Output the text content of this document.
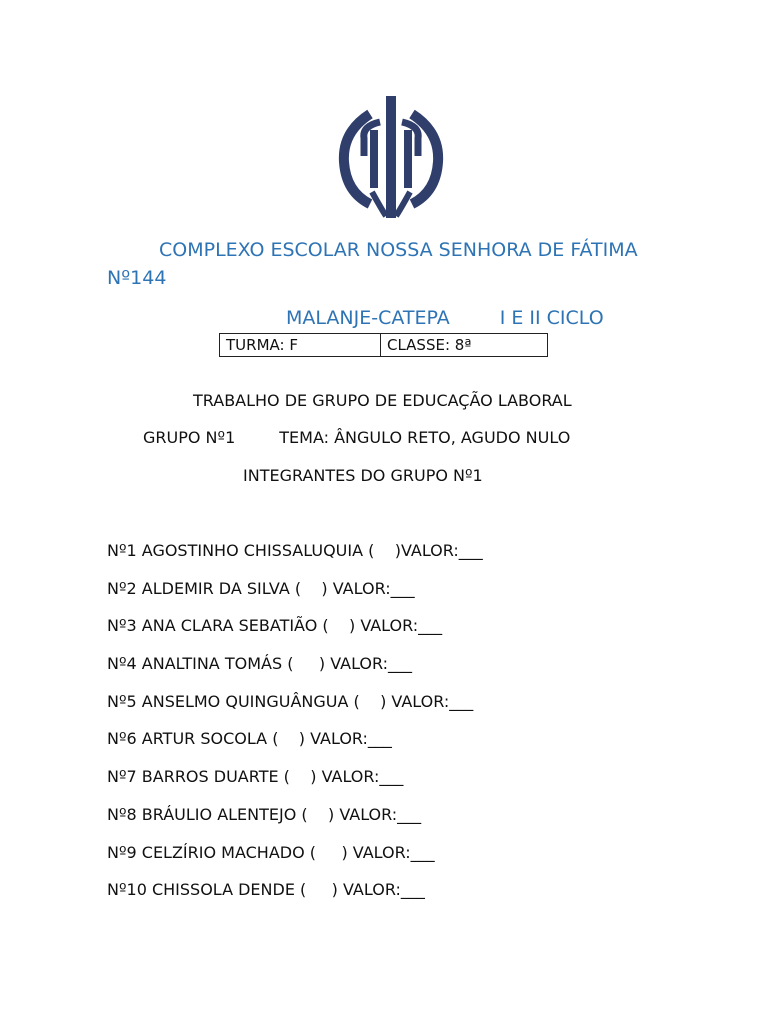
COMPLEXO ESCOLAR NOSSA SENHORA DE FÁTIMA Nº144
MALANJE-CATEPA	I E II CICLO
TURMA: F	CLASSE: 8ª
TRABALHO DE GRUPO DE EDUCAÇÃO LABORAL
GRUPO Nº1	TEMA: ÂNGULO RETO, AGUDO NULO
INTEGRANTES DO GRUPO Nº1
Nº1 AGOSTINHO CHISSALUQUIA (    )VALOR:___
Nº2 ALDEMIR DA SILVA (    ) VALOR:___
Nº3 ANA CLARA SEBATIÃO (    ) VALOR:___
Nº4 ANALTINA TOMÁS (     ) VALOR:___
Nº5 ANSELMO QUINGUÂNGUA (    ) VALOR:___
Nº6 ARTUR SOCOLA (    ) VALOR:___
Nº7 BARROS DUARTE (    ) VALOR:___
Nº8 BRÁULIO ALENTEJO (    ) VALOR:___
Nº9 CELZÍRIO MACHADO (     ) VALOR:___
Nº10 CHISSOLA DENDE (     ) VALOR:___
